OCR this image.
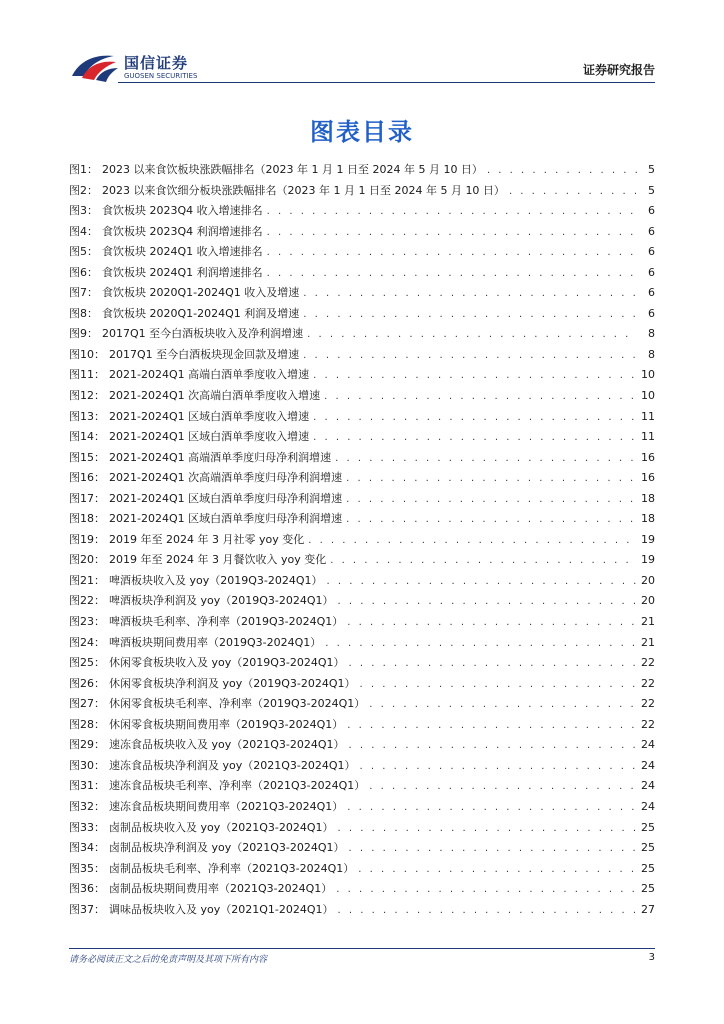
国信证券
GUOSEN SECURITIES	证券研究报告
图表目录
图1： 2023 以来食饮板块涨跌幅排名（2023 年 1 月 1 日至 2024 年 5 月 10 日） . . .	5
图2： 2023 以来食饮细分板块涨跌幅排名（2023 年 1 月 1 日至 2024 年 5 月 10 日） . . .	5
图3： 食饮板块 2023Q4 收入增速排名 . . .	6
图4： 食饮板块 2023Q4 利润增速排名 . . .	6
图5： 食饮板块 2024Q1 收入增速排名 . . .	6
图6： 食饮板块 2024Q1 利润增速排名 . . .	6
图7： 食饮板块 2020Q1-2024Q1 收入及增速 . . .	6
图8： 食饮板块 2020Q1-2024Q1 利润及增速 . . .	6
图9： 2017Q1 至今白酒板块收入及净利润增速 . . .	8
图10： 2017Q1 至今白酒板块现金回款及增速 . . .	8
图11： 2021-2024Q1 高端白酒单季度收入增速 . . .	10
图12： 2021-2024Q1 次高端白酒单季度收入增速 . . .	10
图13： 2021-2024Q1 区域白酒单季度收入增速 . . .	11
图14： 2021-2024Q1 区域白酒单季度收入增速 . . .	11
图15： 2021-2024Q1 高端酒单季度归母净利润增速 . . .	16
图16： 2021-2024Q1 次高端酒单季度归母净利润增速 . . .	16
图17： 2021-2024Q1 区域白酒单季度归母净利润增速 . . .	18
图18： 2021-2024Q1 区域白酒单季度归母净利润增速 . . .	18
图19： 2019 年至 2024 年 3 月社零 yoy 变化 . . .	19
图20： 2019 年至 2024 年 3 月餐饮收入 yoy 变化 . . .	19
图21： 啤酒板块收入及 yoy（2019Q3-2024Q1） . . .	20
图22： 啤酒板块净利润及 yoy（2019Q3-2024Q1） . . .	20
图23： 啤酒板块毛利率、净利率（2019Q3-2024Q1） . . .	21
图24： 啤酒板块期间费用率（2019Q3-2024Q1） . . .	21
图25： 休闲零食板块收入及 yoy（2019Q3-2024Q1） . . .	22
图26： 休闲零食板块净利润及 yoy（2019Q3-2024Q1） . . .	22
图27： 休闲零食板块毛利率、净利率（2019Q3-2024Q1） . . .	22
图28： 休闲零食板块期间费用率（2019Q3-2024Q1） . . .	22
图29： 速冻食品板块收入及 yoy（2021Q3-2024Q1） . . .	24
图30： 速冻食品板块净利润及 yoy（2021Q3-2024Q1） . . .	24
图31： 速冻食品板块毛利率、净利率（2021Q3-2024Q1） . . .	24
图32： 速冻食品板块期间费用率（2021Q3-2024Q1） . . .	24
图33： 卤制品板块收入及 yoy（2021Q3-2024Q1） . . .	25
图34： 卤制品板块净利润及 yoy（2021Q3-2024Q1） . . .	25
图35： 卤制品板块毛利率、净利率（2021Q3-2024Q1） . . .	25
图36： 卤制品板块期间费用率（2021Q3-2024Q1） . . .	25
图37： 调味品板块收入及 yoy（2021Q1-2024Q1） . . .	27
请务必阅读正文之后的免责声明及其项下所有内容	3
